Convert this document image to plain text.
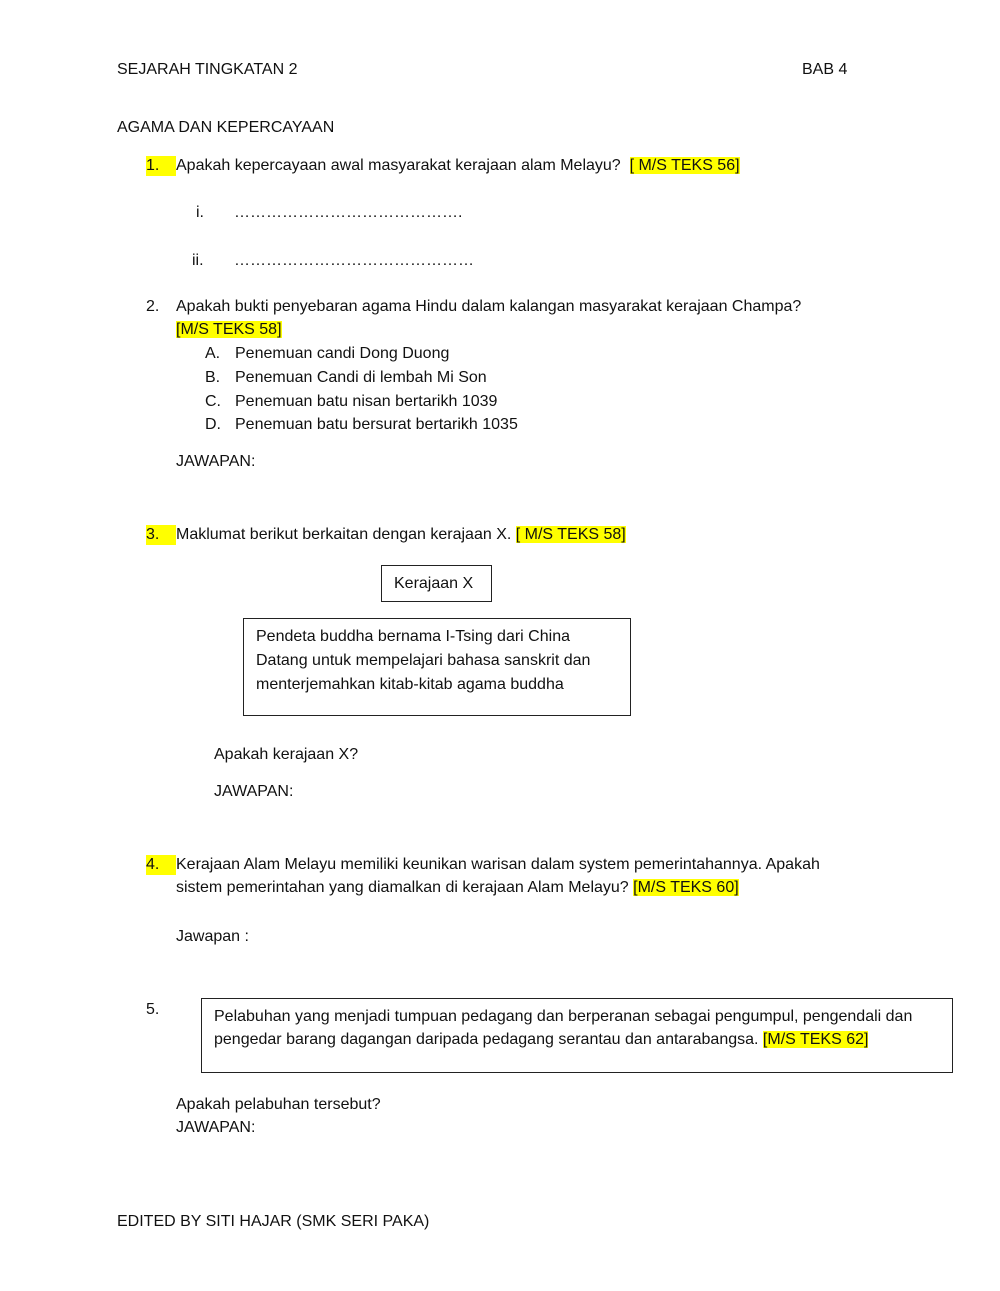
SEJARAH TINGKATAN 2	BAB 4
AGAMA DAN KEPERCAYAAN
1. Apakah kepercayaan awal masyarakat kerajaan alam Melayu? [ M/S TEKS 56]
i. …………………………………….
ii. ………………………………………
2. Apakah bukti penyebaran agama Hindu dalam kalangan masyarakat kerajaan Champa?
[M/S TEKS 58]
A. Penemuan candi Dong Duong
B. Penemuan Candi di lembah Mi Son
C. Penemuan batu nisan bertarikh 1039
D. Penemuan batu bersurat bertarikh 1035
JAWAPAN:
3. Maklumat berikut berkaitan dengan kerajaan X. [ M/S TEKS 58]
Kerajaan X
Pendeta buddha bernama I-Tsing dari China
Datang untuk mempelajari bahasa sanskrit dan
menterjemahkan kitab-kitab agama buddha
Apakah kerajaan X?
JAWAPAN:
4. Kerajaan Alam Melayu memiliki keunikan warisan dalam system pemerintahannya. Apakah
sistem pemerintahan yang diamalkan di kerajaan Alam Melayu? [M/S TEKS 60]
Jawapan :
5.	Pelabuhan yang menjadi tumpuan pedagang dan berperanan sebagai pengumpul, pengendali dan
pengedar barang dagangan daripada pedagang serantau dan antarabangsa. [M/S TEKS 62]
Apakah pelabuhan tersebut?
JAWAPAN:
EDITED BY SITI HAJAR (SMK SERI PAKA)
